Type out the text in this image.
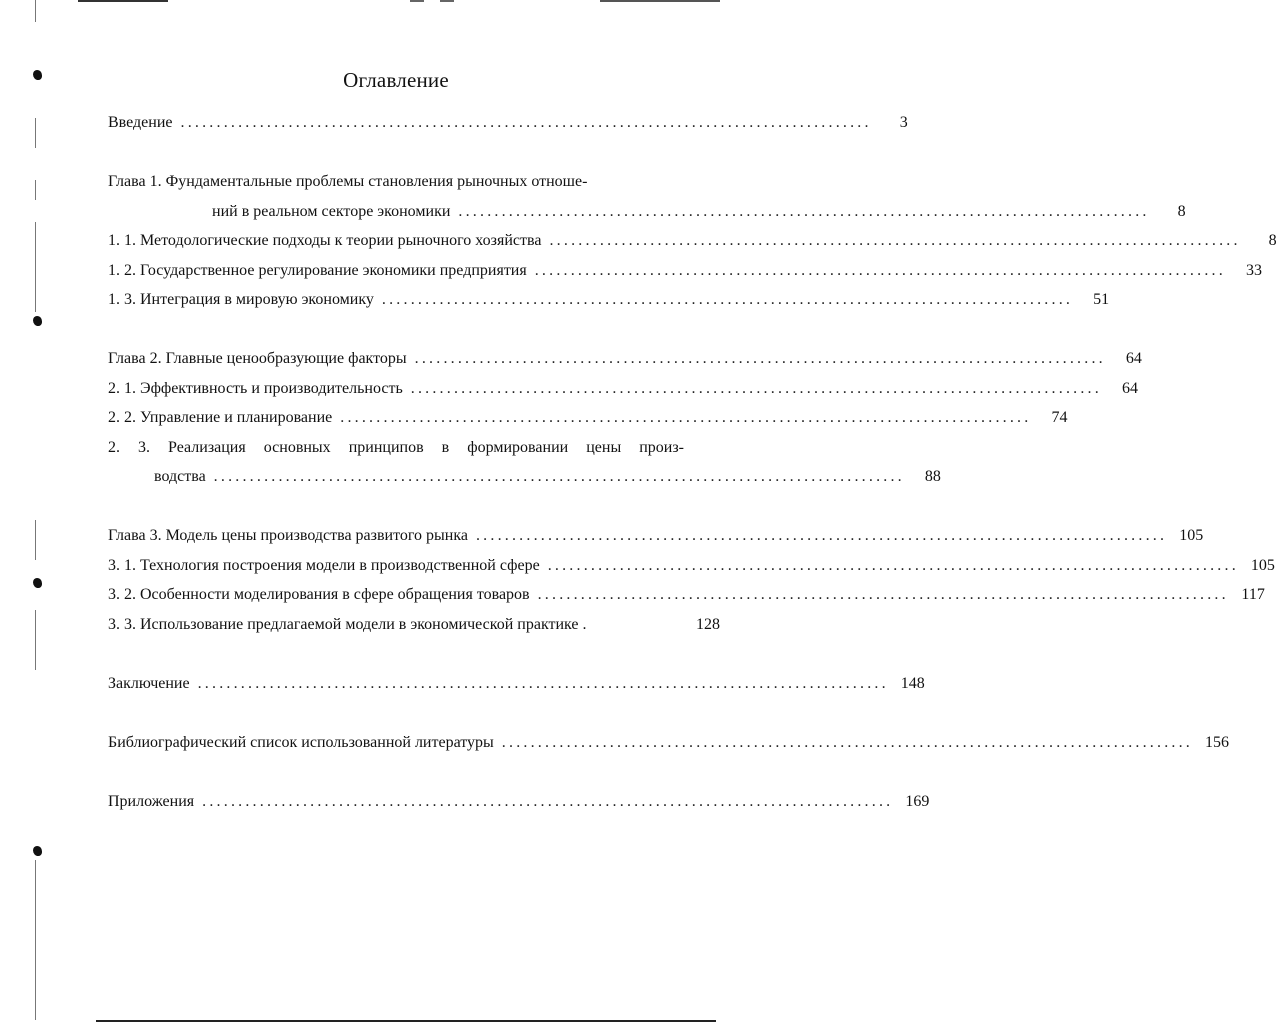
Оглавление
Введение ................................................................................................	3
Глава 1. Фундаментальные проблемы становления рыночных отноше-
ний в реальном секторе экономики ................................................................................................	8
1. 1. Методологические подходы к теории рыночного хозяйства ................................................................................................	8
1. 2. Государственное регулирование экономики предприятия ................................................................................................	33
1. 3. Интеграция в мировую экономику ................................................................................................	51
Глава 2. Главные ценообразующие факторы ................................................................................................	64
2. 1. Эффективность и производительность ................................................................................................	64
2. 2. Управление и планирование ................................................................................................	74
2. 3. Реализация основных принципов в формировании цены произ-
водства ................................................................................................	88
Глава 3. Модель цены производства развитого рынка ................................................................................................ 105
3. 1. Технология построения модели в производственной сфере ................................................................................................ 105
3. 2. Особенности моделирования в сфере обращения товаров ................................................................................................ 117
3. 3. Использование предлагаемой модели в экономической практике .	128
Заключение ................................................................................................ 148
Библиографический список использованной литературы ................................................................................................ 156
Приложения ................................................................................................ 169
